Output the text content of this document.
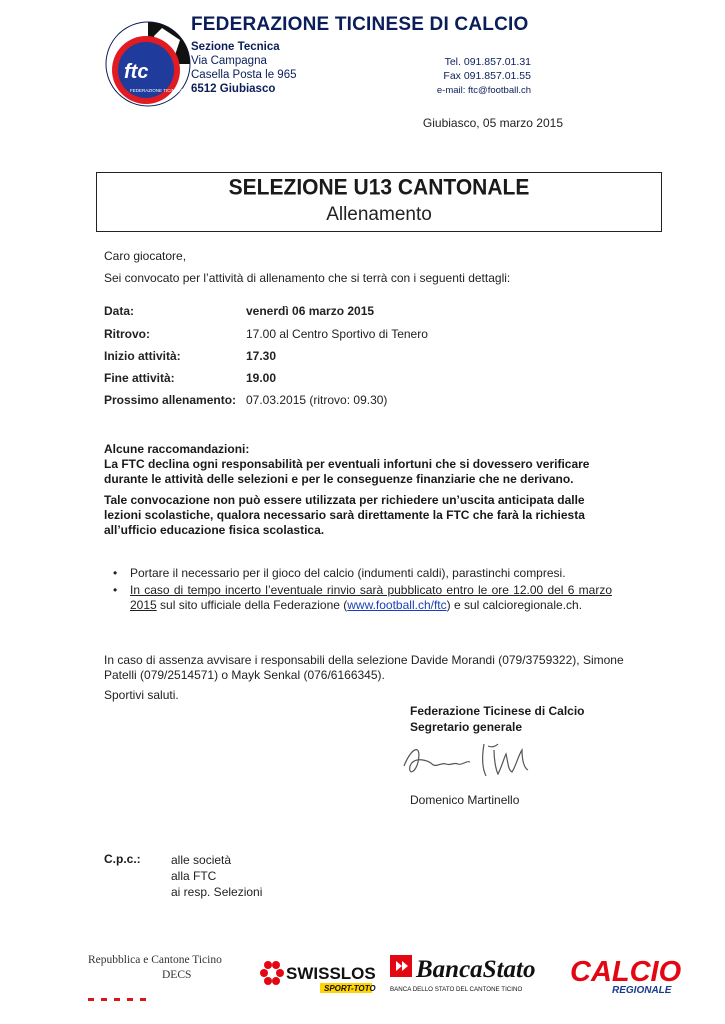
ftc
FEDERAZIONE TICINESE CALCIO
FEDERAZIONE TICINESE DI CALCIO
Sezione Tecnica
Via Campagna
Casella Posta le 965
6512 Giubiasco
Tel. 091.857.01.31
Fax 091.857.01.55
e-mail: ftc@football.ch
Giubiasco, 05 marzo 2015
SELEZIONE U13 CANTONALE
Allenamento
Caro giocatore,
Sei convocato per l’attività di allenamento che si terrà con i seguenti dettagli:
Data:	venerdì 06 marzo 2015
Ritrovo:	17.00 al Centro Sportivo di Tenero
Inizio attività:	17.30
Fine attività:	19.00
Prossimo allenamento: 07.03.2015 (ritrovo: 09.30)
Alcune raccomandazioni:
La FTC declina ogni responsabilità per eventuali infortuni che si dovessero verificare durante le attività delle selezioni e per le conseguenze finanziarie che ne derivano.
Tale convocazione non può essere utilizzata per richiedere un’uscita anticipata dalle lezioni scolastiche, qualora necessario sarà direttamente la FTC che farà la richiesta all’ufficio educazione fisica scolastica.
• Portare il necessario per il gioco del calcio (indumenti caldi), parastinchi compresi.
• In caso di tempo incerto l’eventuale rinvio sarà pubblicato entro le ore 12.00 del 6 marzo 2015 sul sito ufficiale della Federazione (www.football.ch/ftc) e sul calcioregionale.ch.
In caso di assenza avvisare i responsabili della selezione Davide Morandi (079/3759322), Simone Patelli (079/2514571) o Mayk Senkal (076/6166345).
Sportivi saluti.
Federazione Ticinese di Calcio
Segretario generale
Domenico Martinello
C.p.c.:	alle società
alla FTC
ai resp. Selezioni
Repubblica e Cantone Ticino
DECS	SWISSLOS
SPORT-TOTO
BancaStato
BANCA DELLO STATO DEL CANTONE TICINO
CALCIO
REGIONALE
